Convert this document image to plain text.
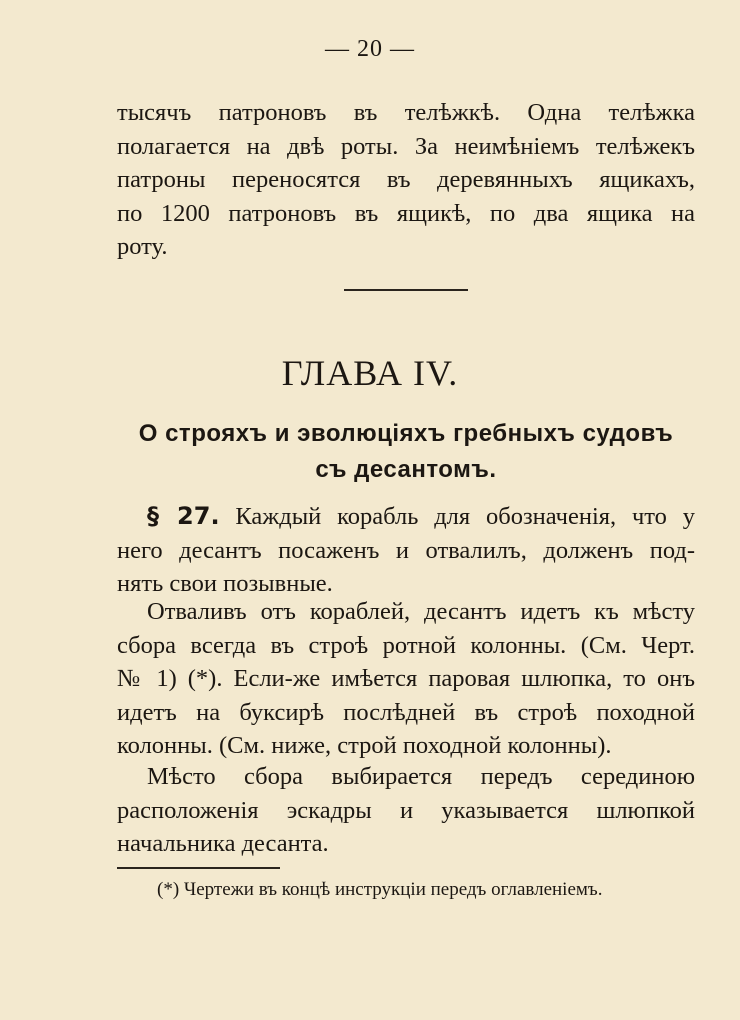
— 20 —
тысячъ патроновъ въ телѣжкѣ. Одна телѣжка
полагается на двѣ роты. За неимѣніемъ телѣжекъ
патроны переносятся въ деревянныхъ ящикахъ,
по 1200 патроновъ въ ящикѣ, по два ящика на
роту.
ГЛАВА IV.
О строяхъ и эволюціяхъ гребныхъ судовъ
съ десантомъ.
§ 27. Каждый корабль для обозначенія, что у
него десантъ посаженъ и отвалилъ, долженъ под-
нять свои позывные.
Отваливъ отъ кораблей, десантъ идетъ къ мѣсту
сбора всегда въ строѣ ротной колонны. (См. Черт.
№ 1) (*). Если-же имѣется паровая шлюпка, то онъ
идетъ на буксирѣ послѣдней въ строѣ походной
колонны. (См. ниже, строй походной колонны).
Мѣсто сбора выбирается передъ серединою
расположенія эскадры и указывается шлюпкой
начальника десанта.
(*) Чертежи въ концѣ инструкціи передъ оглавленіемъ.
